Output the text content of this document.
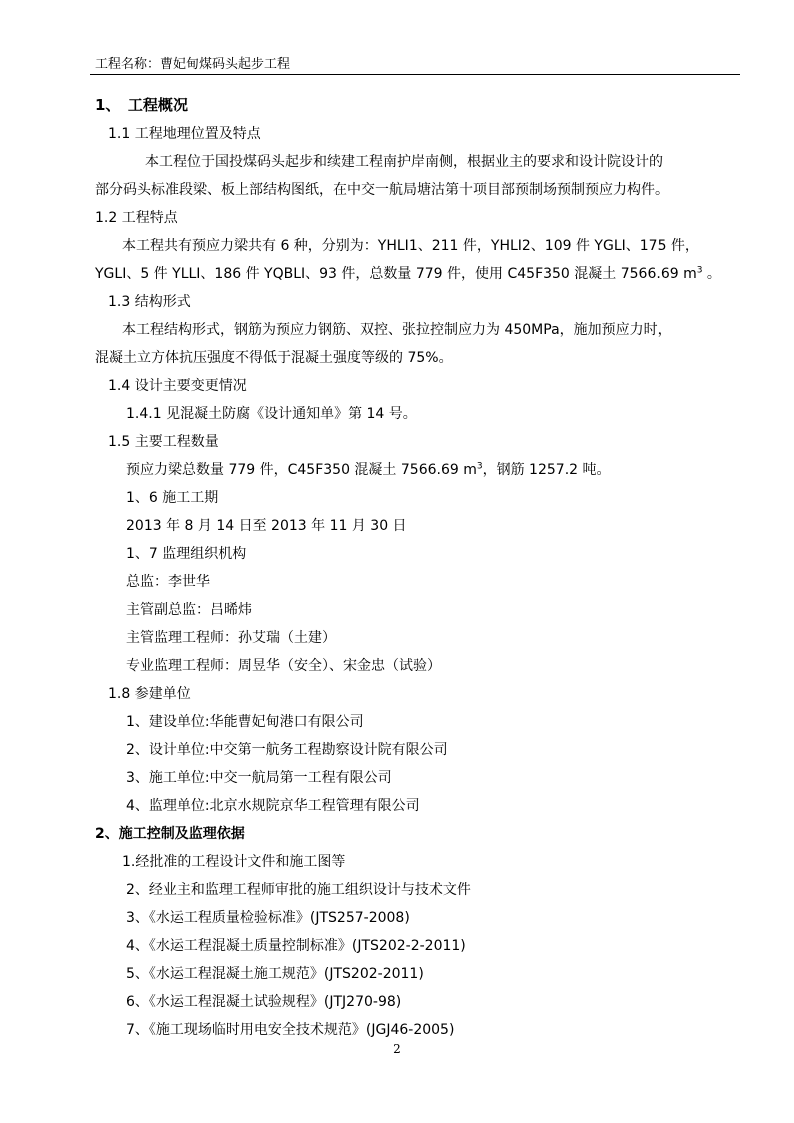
工程名称：曹妃甸煤码头起步工程
1、　工程概况
1.1 工程地理位置及特点
本工程位于国投煤码头起步和续建工程南护岸南侧，根据业主的要求和设计院设计的
部分码头标准段梁、板上部结构图纸，在中交一航局塘沽第十项目部预制场预制预应力构件。
1.2 工程特点
本工程共有预应力梁共有 6 种，分别为：YHLI1、211 件，YHLI2、109 件 YGLI、175 件，
YGLI、5 件 YLLI、186 件 YQBLI、93 件，总数量 779 件，使用 C45F350 混凝土 7566.69 $m^3$ 。
1.3 结构形式
本工程结构形式，钢筋为预应力钢筋、双控、张拉控制应力为 450MPa，施加预应力时，
混凝土立方体抗压强度不得低于混凝土强度等级的 75%。
1.4 设计主要变更情况
1.4.1 见混凝土防腐《设计通知单》第 14 号。
1.5 主要工程数量
预应力梁总数量 779 件，C45F350 混凝土 7566.69 $m^3$，钢筋 1257.2 吨。
1、6 施工工期
2013 年 8 月 14 日至 2013 年 11 月 30 日
1、7 监理组织机构
总监：李世华
主管副总监：吕晞炜
主管监理工程师：孙艾瑞（土建）
专业监理工程师：周昱华（安全）、宋金忠（试验）
1.8 参建单位
1、建设单位:华能曹妃甸港口有限公司
2、设计单位:中交第一航务工程勘察设计院有限公司
3、施工单位:中交一航局第一工程有限公司
4、监理单位:北京水规院京华工程管理有限公司
2、施工控制及监理依据
1.经批准的工程设计文件和施工图等
2、经业主和监理工程师审批的施工组织设计与技术文件
3、《水运工程质量检验标准》(JTS257-2008)
4、《水运工程混凝土质量控制标准》(JTS202-2-2011)
5、《水运工程混凝土施工规范》(JTS202-2011)
6、《水运工程混凝土试验规程》(JTJ270-98)
7、《施工现场临时用电安全技术规范》(JGJ46-2005)
2
